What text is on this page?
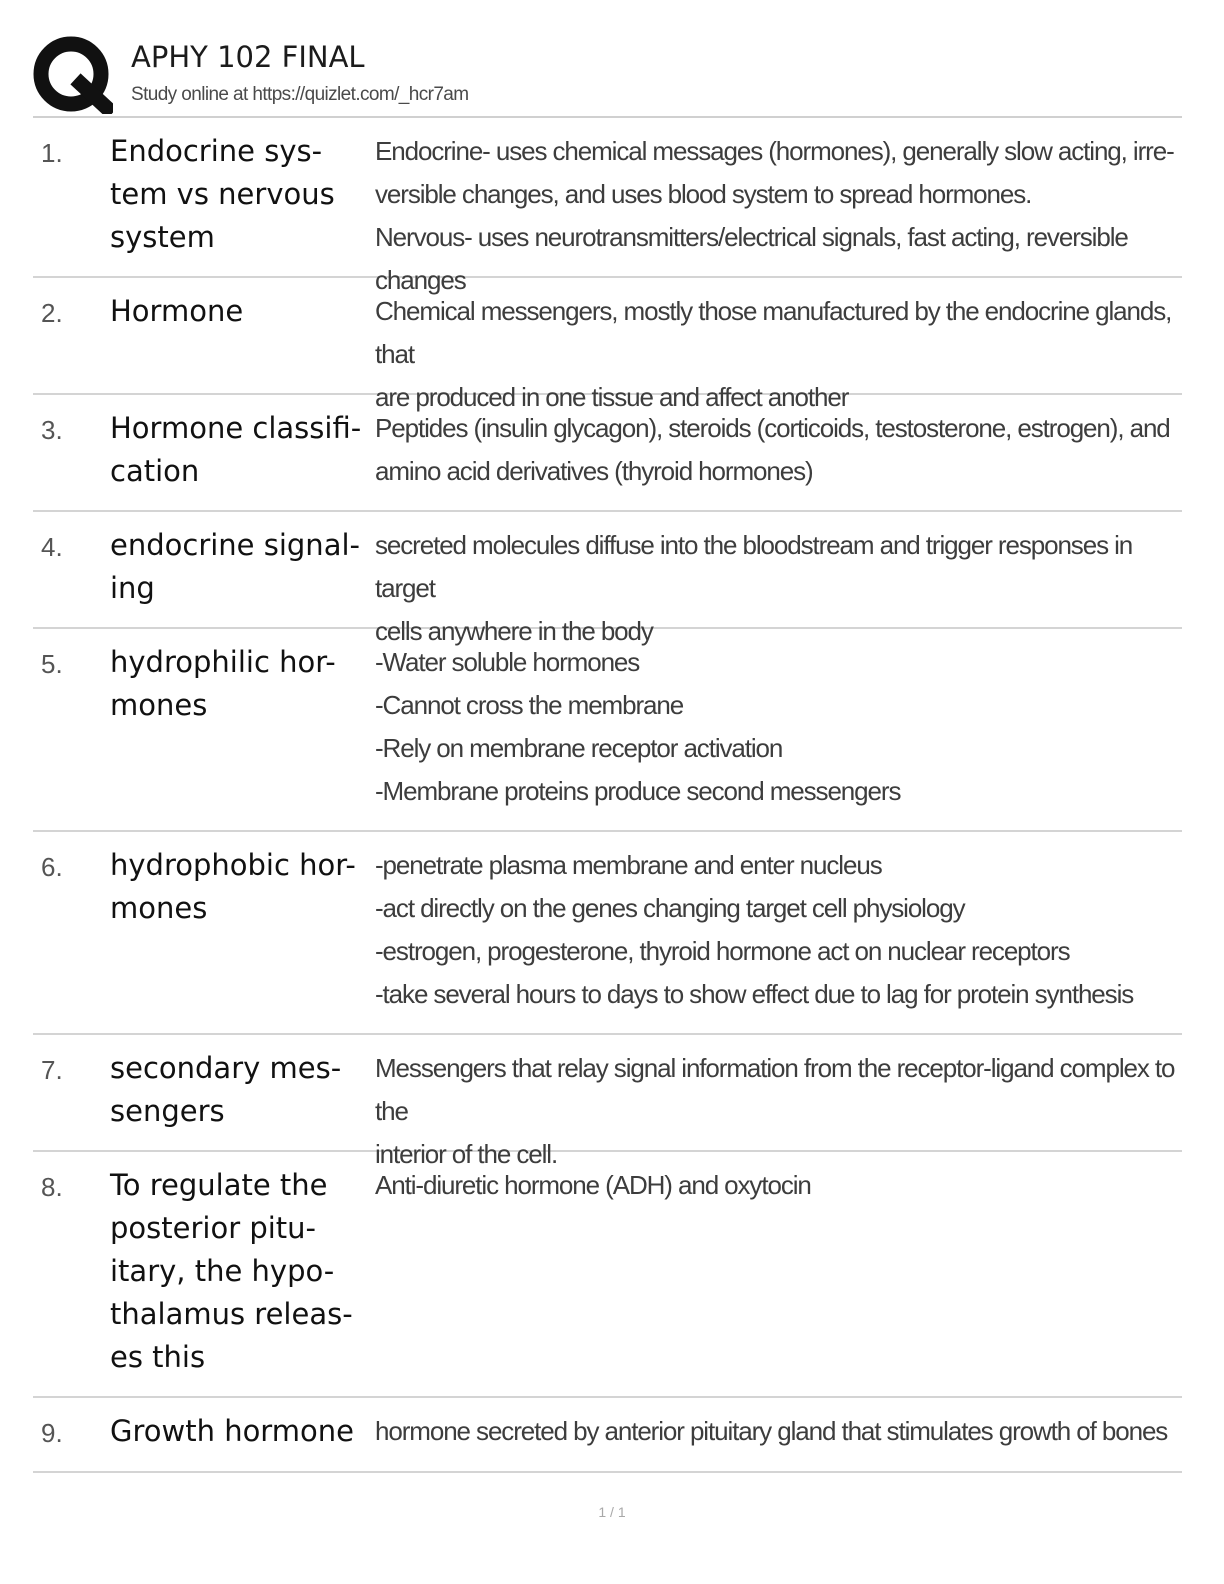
APHY 102 FINAL
Study online at https://quizlet.com/_hcr7am
1. Endocrine sys-
tem vs nervous
system
Endocrine- uses chemical messages (hormones), generally slow acting, irre-
versible changes, and uses blood system to spread hormones.
Nervous- uses neurotransmitters/electrical signals, fast acting, reversible changes
2. Hormone	Chemical messengers, mostly those manufactured by the endocrine glands, that
are produced in one tissue and affect another
3. Hormone classifi-
cation
Peptides (insulin glycagon), steroids (corticoids, testosterone, estrogen), and
amino acid derivatives (thyroid hormones)
4. endocrine signal-
ing
secreted molecules diffuse into the bloodstream and trigger responses in target
cells anywhere in the body
5. hydrophilic hor-
mones
-Water soluble hormones
-Cannot cross the membrane
-Rely on membrane receptor activation
-Membrane proteins produce second messengers
6. hydrophobic hor-
mones
-penetrate plasma membrane and enter nucleus
-act directly on the genes changing target cell physiology
-estrogen, progesterone, thyroid hormone act on nuclear receptors
-take several hours to days to show effect due to lag for protein synthesis
7. secondary mes-
sengers
Messengers that relay signal information from the receptor-ligand complex to the
interior of the cell.
8. To regulate the
posterior pitu-
itary, the hypo-
thalamus releas-
es this
Anti-diuretic hormone (ADH) and oxytocin
9. Growth hormone hormone secreted by anterior pituitary gland that stimulates growth of bones
1 / 1
